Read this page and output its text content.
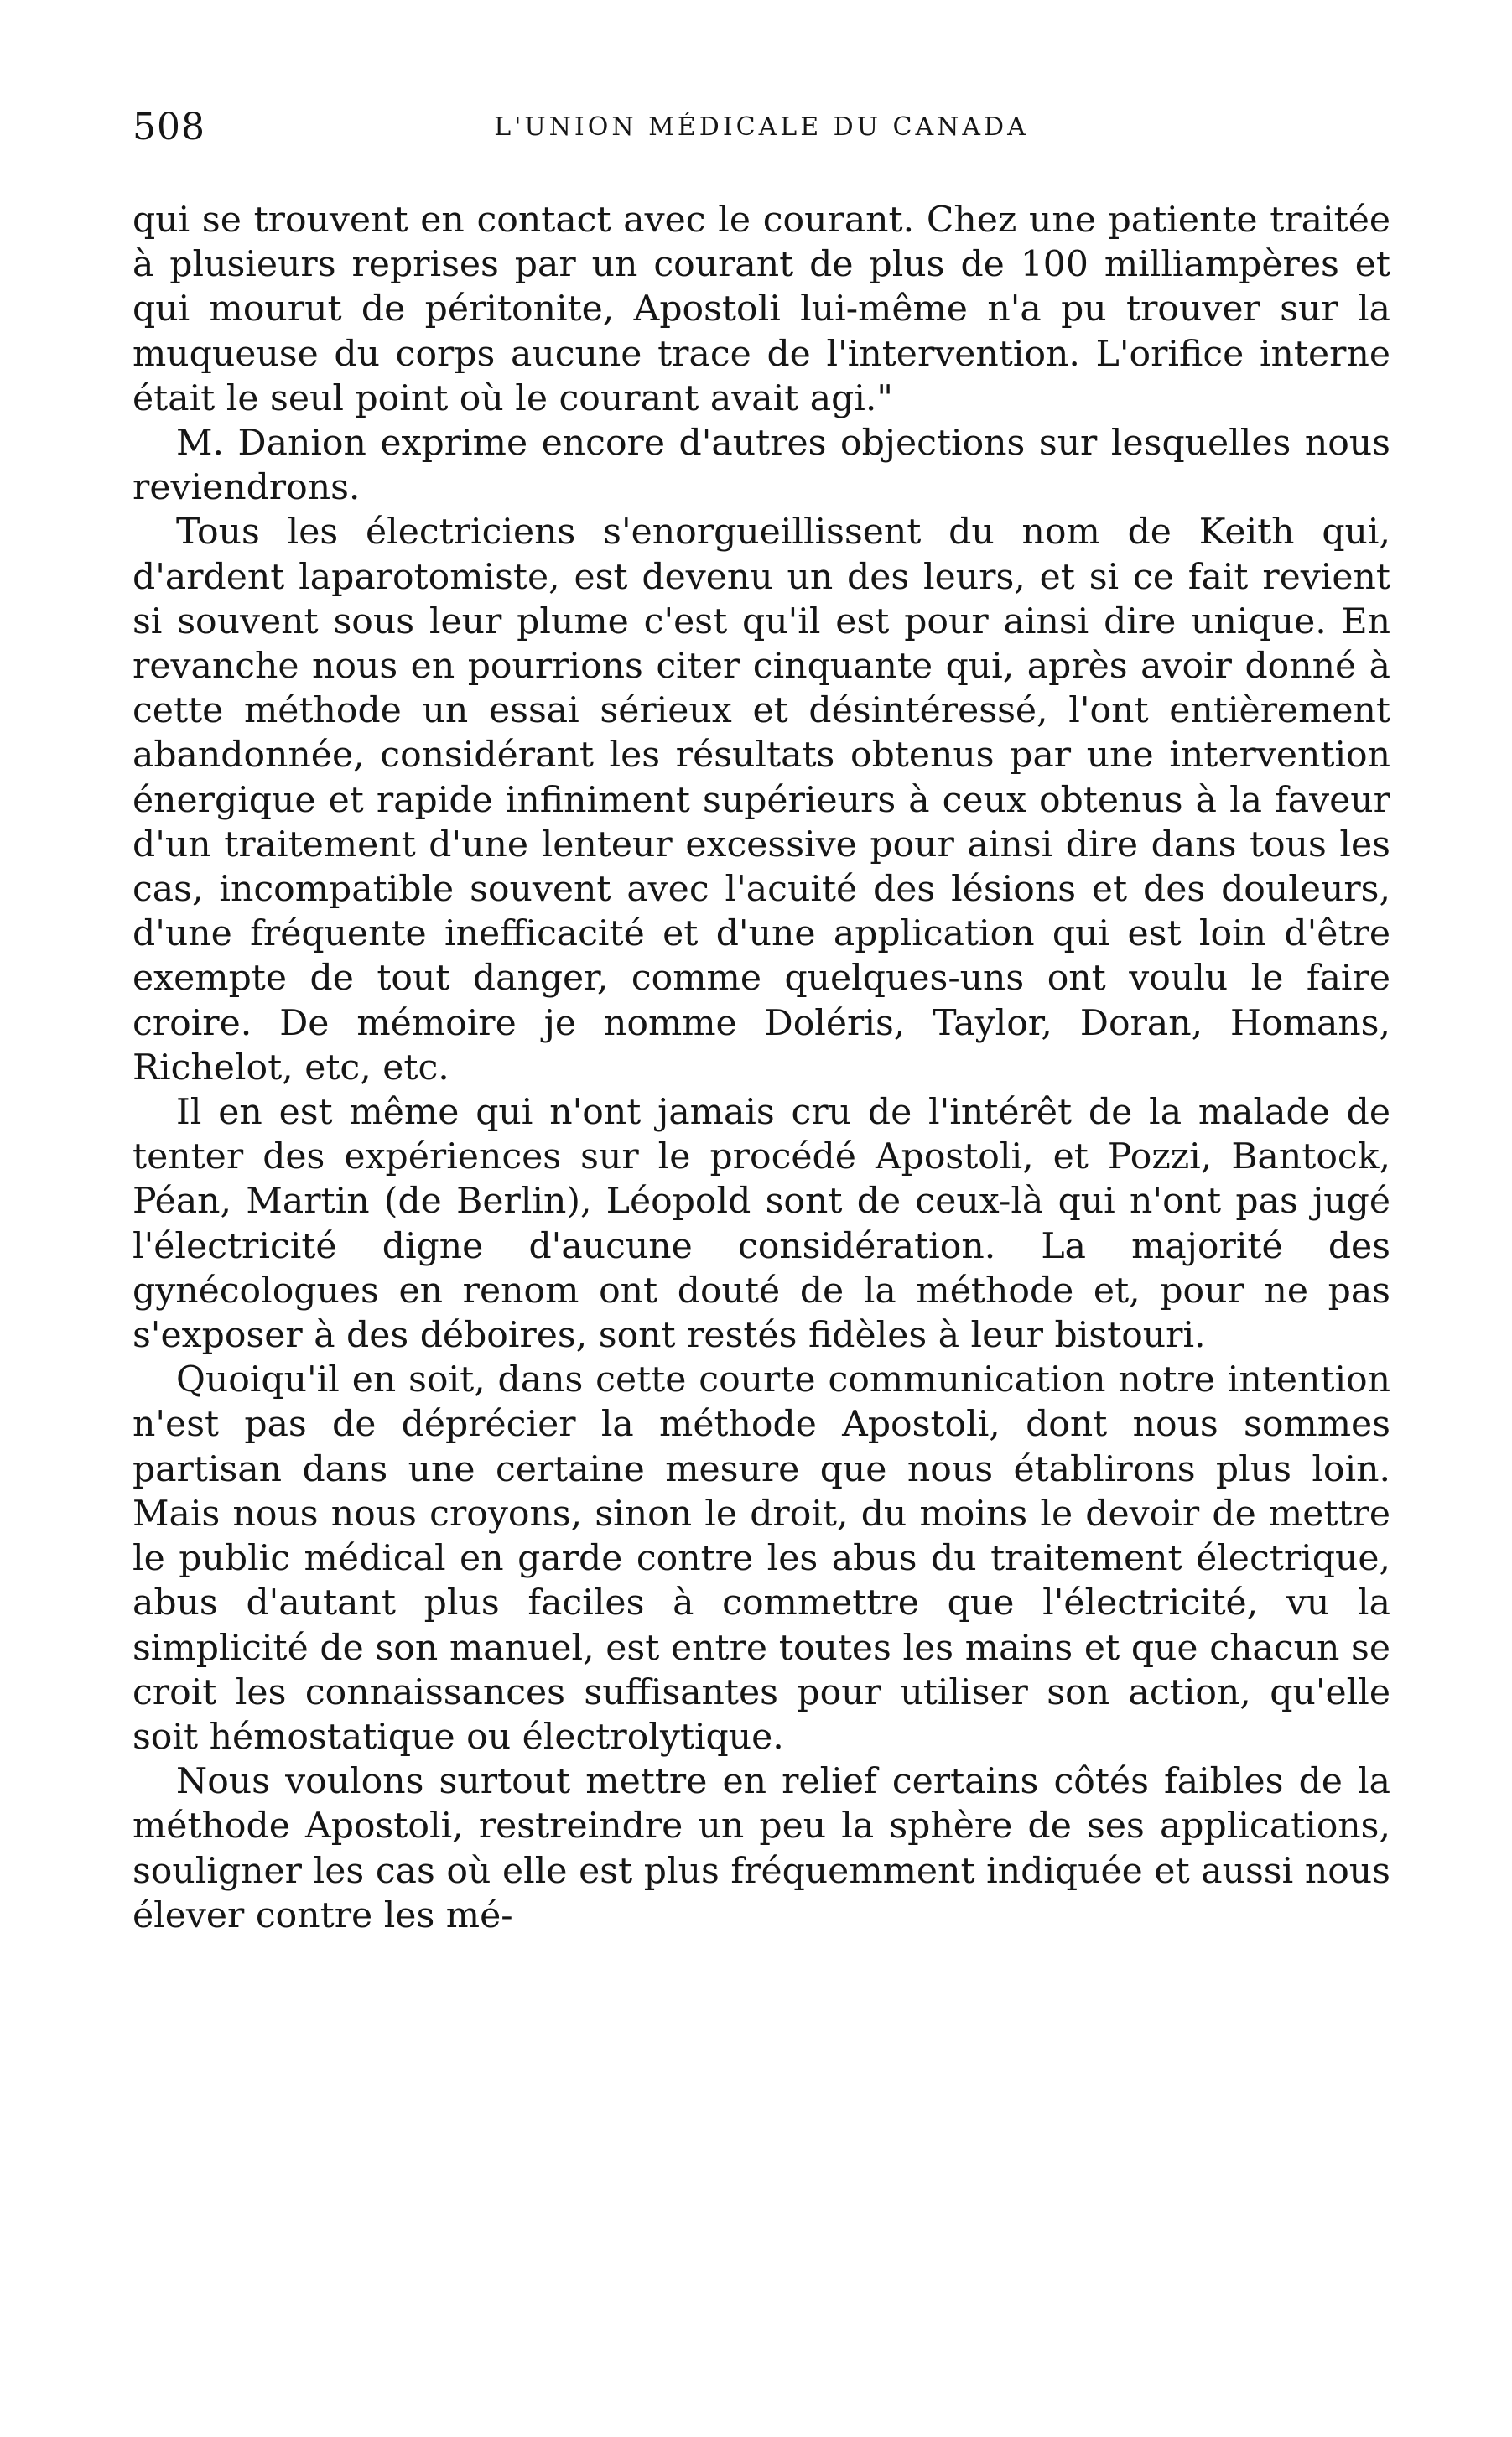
508	L'UNION MÉDICALE DU CANADA

qui se trouvent en contact avec le courant. Chez une patiente traitée à plusieurs reprises par un courant de plus de 100 milliampères et qui mourut de péritonite, Apostoli lui-même n'a pu trouver sur la muqueuse du corps aucune trace de l'intervention. L'orifice interne était le seul point où le courant avait agi."

M. Danion exprime encore d'autres objections sur lesquelles nous reviendrons.

Tous les électriciens s'enorgueillissent du nom de Keith qui, d'ardent laparotomiste, est devenu un des leurs, et si ce fait revient si souvent sous leur plume c'est qu'il est pour ainsi dire unique. En revanche nous en pourrions citer cinquante qui, après avoir donné à cette méthode un essai sérieux et désintéressé, l'ont entièrement abandonnée, considérant les résultats obtenus par une intervention énergique et rapide infiniment supérieurs à ceux obtenus à la faveur d'un traitement d'une lenteur excessive pour ainsi dire dans tous les cas, incompatible souvent avec l'acuité des lésions et des douleurs, d'une fréquente inefficacité et d'une application qui est loin d'être exempte de tout danger, comme quelques-uns ont voulu le faire croire. De mémoire je nomme Doléris, Taylor, Doran, Homans, Richelot, etc, etc.

Il en est même qui n'ont jamais cru de l'intérêt de la malade de tenter des expériences sur le procédé Apostoli, et Pozzi, Bantock, Péan, Martin (de Berlin), Léopold sont de ceux-là qui n'ont pas jugé l'électricité digne d'aucune considération. La majorité des gynécologues en renom ont douté de la méthode et, pour ne pas s'exposer à des déboires, sont restés fidèles à leur bistouri.

Quoiqu'il en soit, dans cette courte communication notre intention n'est pas de déprécier la méthode Apostoli, dont nous sommes partisan dans une certaine mesure que nous établirons plus loin. Mais nous nous croyons, sinon le droit, du moins le devoir de mettre le public médical en garde contre les abus du traitement électrique, abus d'autant plus faciles à commettre que l'électricité, vu la simplicité de son manuel, est entre toutes les mains et que chacun se croit les connaissances suffisantes pour utiliser son action, qu'elle soit hémostatique ou électrolytique.

Nous voulons surtout mettre en relief certains côtés faibles de la méthode Apostoli, restreindre un peu la sphère de ses applications, souligner les cas où elle est plus fréquemment indiquée et aussi nous élever contre les mé-
